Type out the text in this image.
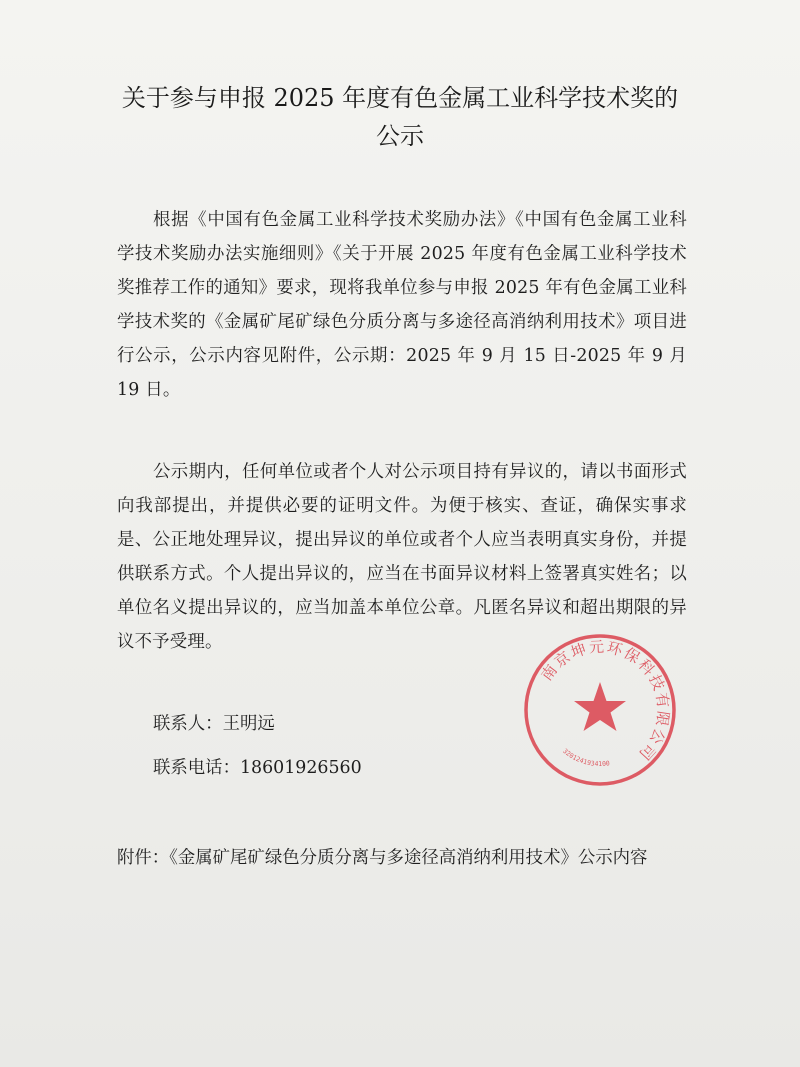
关于参与申报 2025 年度有色金属工业科学技术奖的
公示
根据《中国有色金属工业科学技术奖励办法》《中国有色金属工业科学技术奖励办法实施细则》《关于开展 2025 年度有色金属工业科学技术奖推荐工作的通知》要求，现将我单位参与申报 2025 年有色金属工业科学技术奖的《金属矿尾矿绿色分质分离与多途径高消纳利用技术》项目进行公示，公示内容见附件，公示期：2025 年 9 月 15 日-2025 年 9 月 19 日。
公示期内，任何单位或者个人对公示项目持有异议的，请以书面形式向我部提出，并提供必要的证明文件。为便于核实、查证，确保实事求是、公正地处理异议，提出异议的单位或者个人应当表明真实身份，并提供联系方式。个人提出异议的，应当在书面异议材料上签署真实姓名；以单位名义提出异议的，应当加盖本单位公章。凡匿名异议和超出期限的异议不予受理。
联系人：王明远
联系电话：18601926560
附件：《金属矿尾矿绿色分质分离与多途径高消纳利用技术》公示内容
南京坤元环保科技有限公司
3201241934100
